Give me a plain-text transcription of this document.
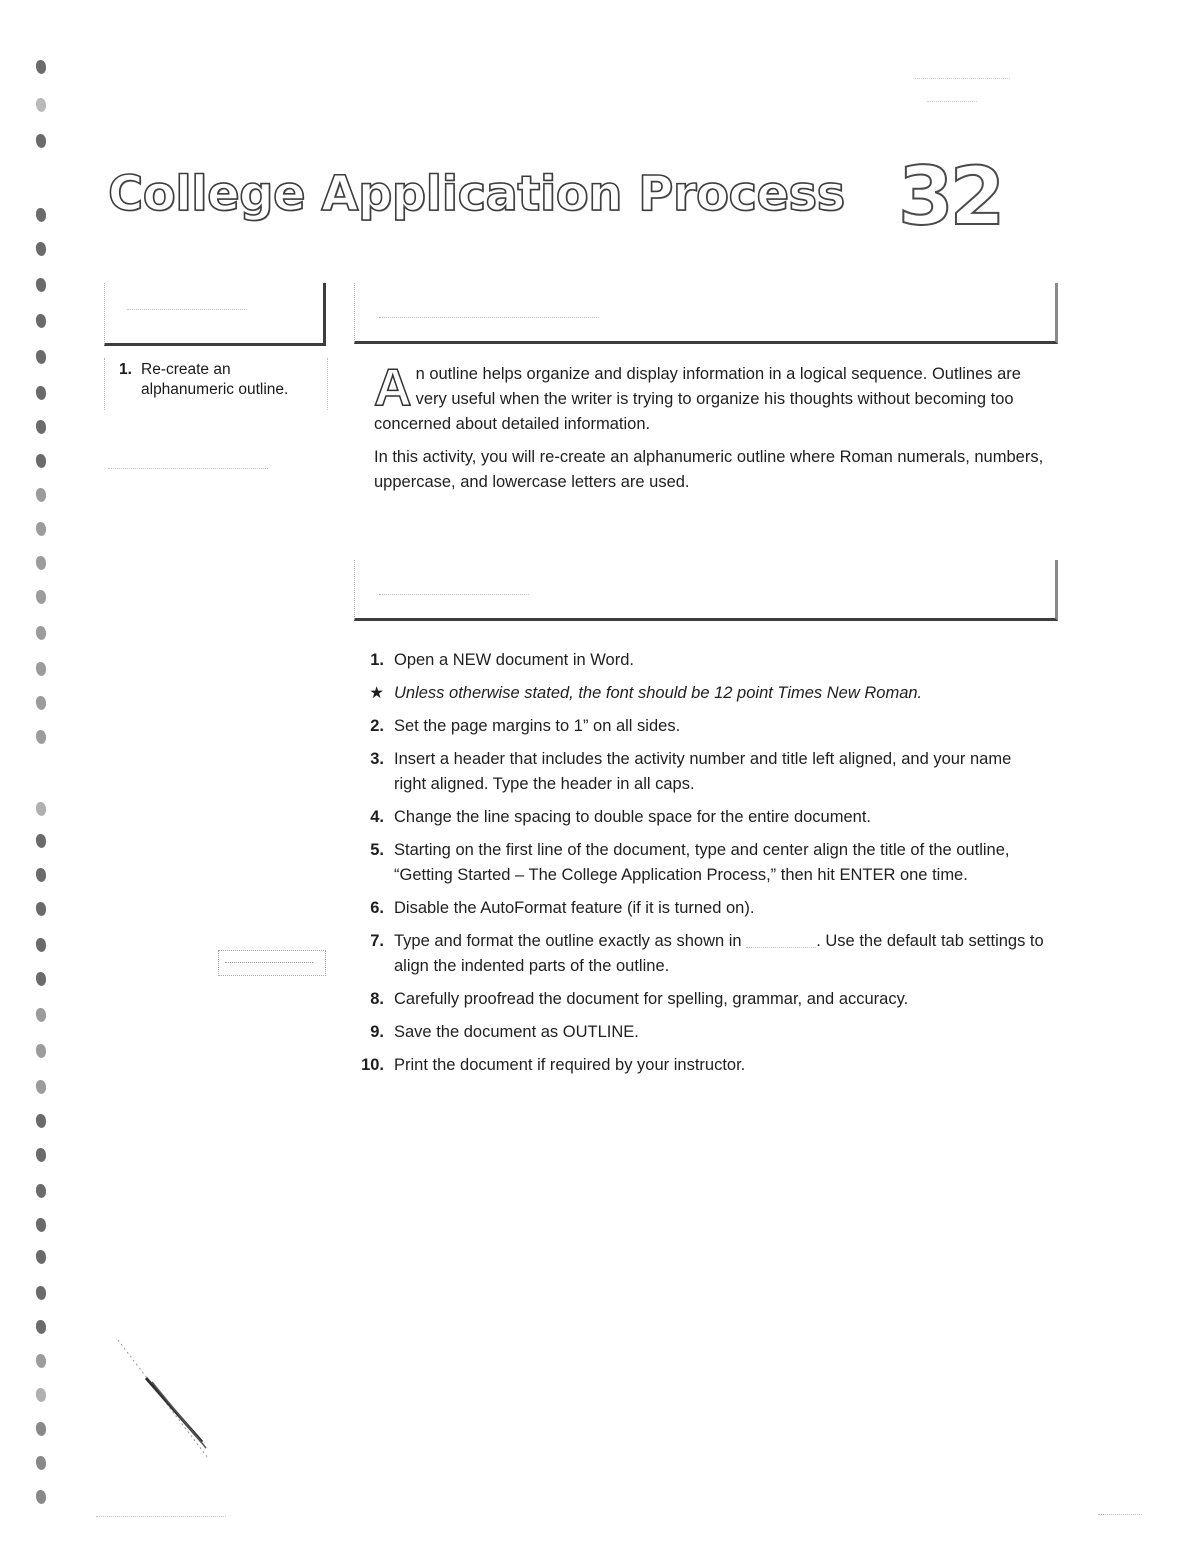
College Application Process 32
1. Re-create an alphanumeric outline.	An outline helps organize and display information in a logical sequence. Outlines are very useful when the writer is trying to organize his thoughts without becoming too concerned about detailed information.

In this activity, you will re-create an alphanumeric outline where Roman numerals, numbers, uppercase, and lowercase letters are used.

1. Open a NEW document in Word.
★ Unless otherwise stated, the font should be 12 point Times New Roman.
2. Set the page margins to 1” on all sides.
3. Insert a header that includes the activity number and title left aligned, and your name right aligned. Type the header in all caps.
4. Change the line spacing to double space for the entire document.
5. Starting on the first line of the document, type and center align the title of the outline, “Getting Started – The College Application Process,” then hit ENTER one time.
6. Disable the AutoFormat feature (if it is turned on).
7. Type and format the outline exactly as shown in	. Use the default tab settings to align the indented parts of the outline.
8. Carefully proofread the document for spelling, grammar, and accuracy.
9. Save the document as OUTLINE.
10. Print the document if required by your instructor.
